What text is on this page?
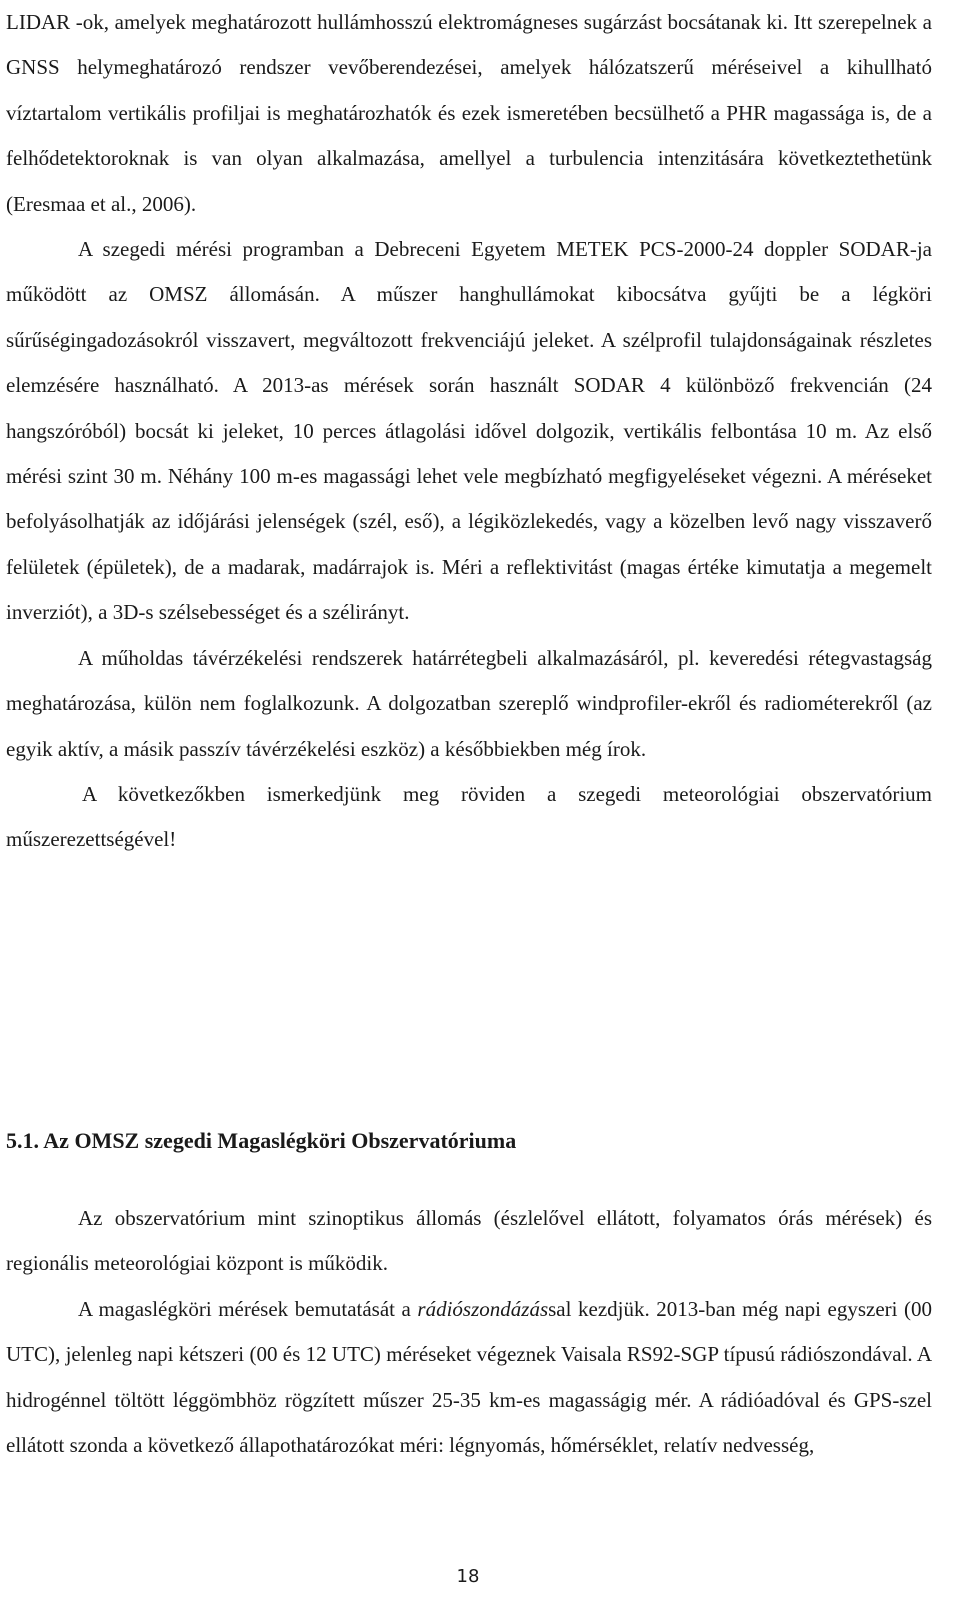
LIDAR -ok, amelyek meghatározott hullámhosszú elektromágneses sugárzást bocsátanak ki. Itt szerepelnek a GNSS helymeghatározó rendszer vevőberendezései, amelyek hálózatszerű méréseivel a kihullható víztartalom vertikális profiljai is meghatározhatók és ezek ismeretében becsülhető a PHR magassága is, de a felhődetektoroknak is van olyan alkalmazása, amellyel a turbulencia intenzitására következtethetünk (Eresmaa et al., 2006).

A szegedi mérési programban a Debreceni Egyetem METEK PCS-2000-24 doppler SODAR-ja működött az OMSZ állomásán. A műszer hanghullámokat kibocsátva gyűjti be a légköri sűrűségingadozásokról visszavert, megváltozott frekvenciájú jeleket. A szélprofil tulajdonságainak részletes elemzésére használható. A 2013-as mérések során használt SODAR 4 különböző frekvencián (24 hangszóróból) bocsát ki jeleket, 10 perces átlagolási idővel dolgozik, vertikális felbontása 10 m. Az első mérési szint 30 m. Néhány 100 m-es magassági lehet vele megbízható megfigyeléseket végezni. A méréseket befolyásolhatják az időjárási jelenségek (szél, eső), a légiközlekedés, vagy a közelben levő nagy visszaverő felületek (épületek), de a madarak, madárrajok is. Méri a reflektivitást (magas értéke kimutatja a megemelt inverziót), a 3D-s szélsebességet és a szélirányt.

A műholdas távérzékelési rendszerek határrétegbeli alkalmazásáról, pl. keveredési rétegvastagság meghatározása, külön nem foglalkozunk. A dolgozatban szereplő windprofiler-ekről és radiométerekről (az egyik aktív, a másik passzív távérzékelési eszköz) a későbbiekben még írok.

A következőkben ismerkedjünk meg röviden a szegedi meteorológiai obszervatórium műszerezettségével!

5.1. Az OMSZ szegedi Magaslégköri Obszervatóriuma

Az obszervatórium mint szinoptikus állomás (észlelővel ellátott, folyamatos órás mérések) és regionális meteorológiai központ is működik.

A magaslégköri mérések bemutatását a rádiószondázással kezdjük. 2013-ban még napi egyszeri (00 UTC), jelenleg napi kétszeri (00 és 12 UTC) méréseket végeznek Vaisala RS92-SGP típusú rádiószondával. A hidrogénnel töltött léggömbhöz rögzített műszer 25-35 km-es magasságig mér. A rádióadóval és GPS-szel ellátott szonda a következő állapothatározókat méri: légnyomás, hőmérséklet, relatív nedvesség,

18
